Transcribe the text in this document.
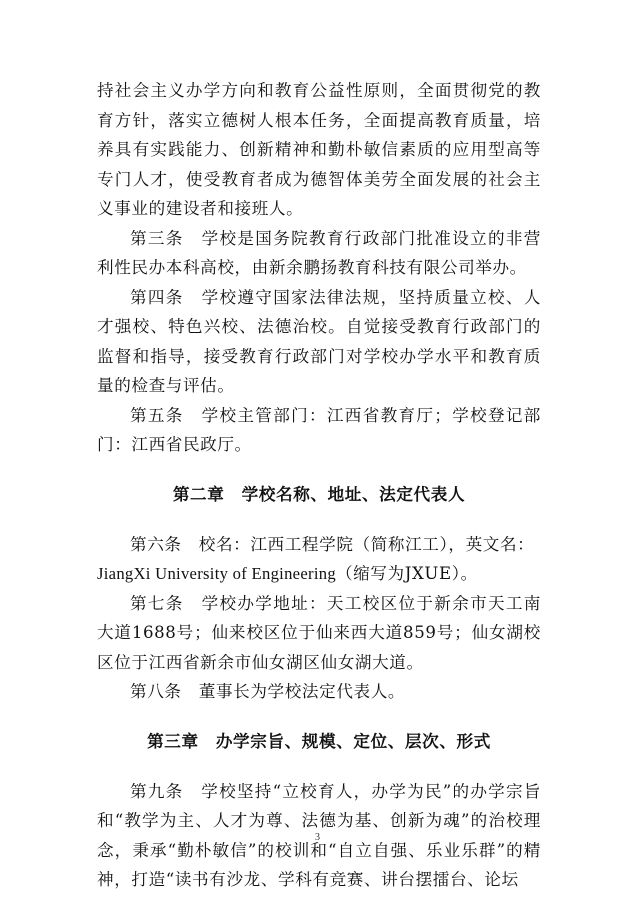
持社会主义办学方向和教育公益性原则，全面贯彻党的教育方针，落实立德树人根本任务，全面提高教育质量，培养具有实践能力、创新精神和勤朴敏信素质的应用型高等专门人才，使受教育者成为德智体美劳全面发展的社会主义事业的建设者和接班人。

第三条　学校是国务院教育行政部门批准设立的非营利性民办本科高校，由新余鹏扬教育科技有限公司举办。

第四条　学校遵守国家法律法规，坚持质量立校、人才强校、特色兴校、法德治校。自觉接受教育行政部门的监督和指导，接受教育行政部门对学校办学水平和教育质量的检查与评估。

第五条　学校主管部门：江西省教育厅；学校登记部门：江西省民政厅。

第二章　学校名称、地址、法定代表人

第六条　校名：江西工程学院（简称江工），英文名：

JiangXi University of Engineering（缩写为JXUE）。

第七条　学校办学地址：天工校区位于新余市天工南大道1688号；仙来校区位于仙来西大道859号；仙女湖校区位于江西省新余市仙女湖区仙女湖大道。

第八条　董事长为学校法定代表人。

第三章　办学宗旨、规模、定位、层次、形式

第九条　学校坚持“立校育人，办学为民”的办学宗旨和“教学为主、人才为尊、法德为基、创新为魂”的治校理念，秉承“勤朴敏信”的校训和“自立自强、乐业乐群”的精神，打造“读书有沙龙、学科有竞赛、讲台摆擂台、论坛

3
